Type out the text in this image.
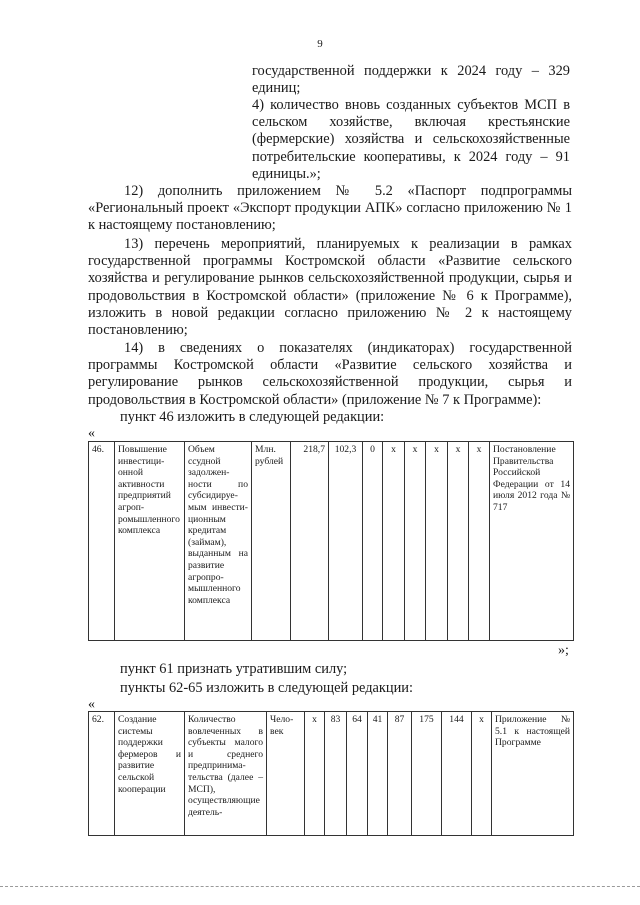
9
государственной поддержки к 2024 году – 329 единиц;
4) количество вновь созданных субъектов МСП в сельском хозяйстве, включая крестьянские (фермерские) хозяйства и сельскохозяйственные потребительские кооперативы, к 2024 году – 91 единицы.»;
12) дополнить приложением № 5.2 «Паспорт подпрограммы «Региональный проект «Экспорт продукции АПК» согласно приложению № 1 к настоящему постановлению;
13) перечень мероприятий, планируемых к реализации в рамках государственной программы Костромской области «Развитие сельского хозяйства и регулирование рынков сельскохозяйственной продукции, сырья и продовольствия в Костромской области» (приложение № 6 к Программе), изложить в новой редакции согласно приложению № 2 к настоящему постановлению;
14) в сведениях о показателях (индикаторах) государственной программы Костромской области «Развитие сельского хозяйства и регулирование рынков сельскохозяйственной продукции, сырья и продовольствия в Костромской области» (приложение № 7 к Программе):
пункт 46 изложить в следующей редакции:
«
46.	Повышение инвестиционной активности предприятий агропромышленного комплекса	Объем ссудной задолженности по субсидируемым инвестиционным кредитам (займам), выданным на развитие агропромышленного комплекса	Млн. рублей	218,7	102,3	0	х	х	х	х	х	Постановление Правительства Российской Федерации от 14 июля 2012 года № 717
»;
пункт 61 признать утратившим силу;
пункты 62-65 изложить в следующей редакции:
«
62.	Создание системы поддержки фермеров и развитие сельской кооперации	Количество вовлеченных в субъекты малого и среднего предпринимательства (далее – МСП), осуществляющие деятель-	Человек	х	83	64	41	87	175	144	х	Приложение № 5.1 к настоящей Программе
